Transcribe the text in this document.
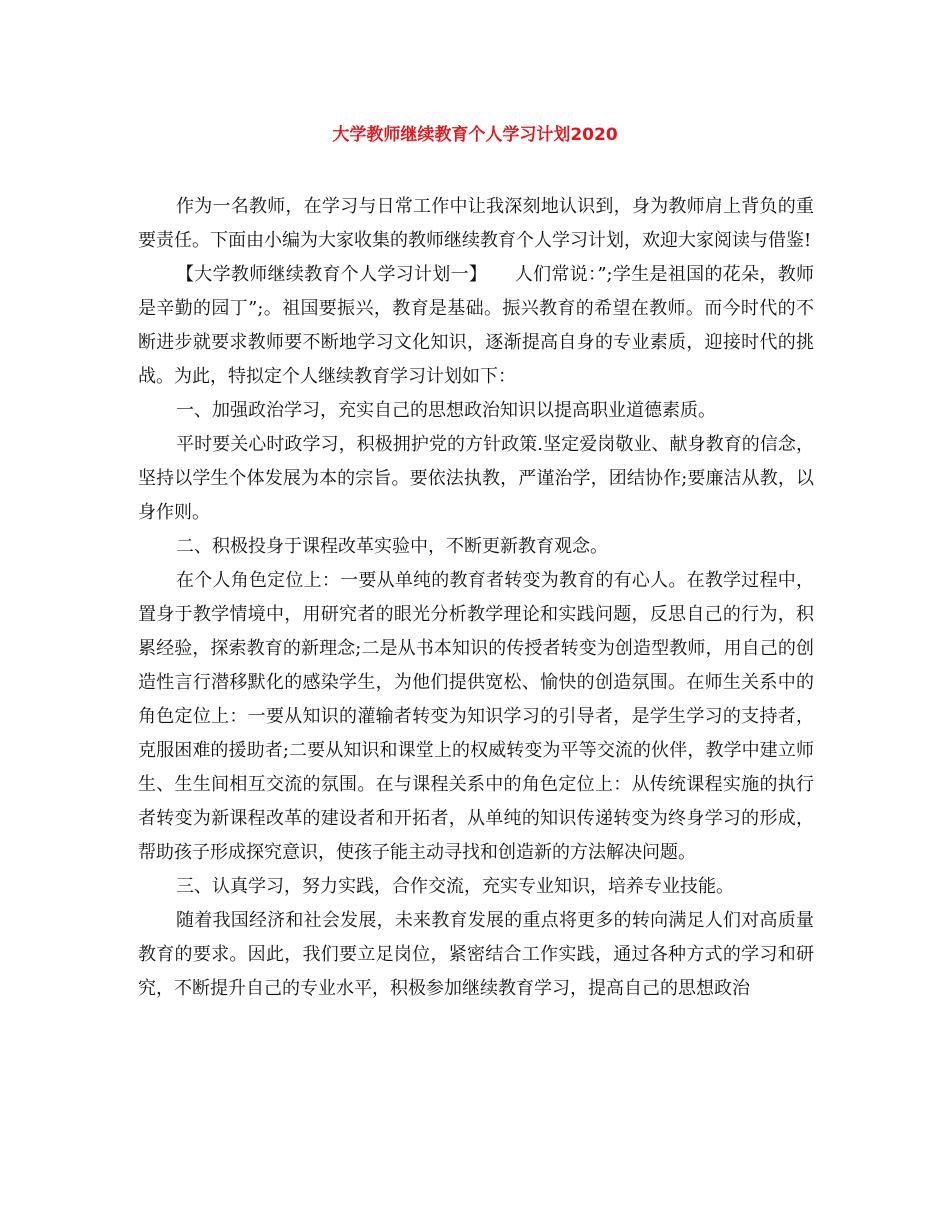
大学教师继续教育个人学习计划2020

作为一名教师，在学习与日常工作中让我深刻地认识到，身为教师肩上背负的重要责任。下面由小编为大家收集的教师继续教育个人学习计划，欢迎大家阅读与借鉴!

【大学教师继续教育个人学习计划一】　　人们常说：”;学生是祖国的花朵，教师是辛勤的园丁”;。祖国要振兴，教育是基础。振兴教育的希望在教师。而今时代的不断进步就要求教师要不断地学习文化知识，逐渐提高自身的专业素质，迎接时代的挑战。为此，特拟定个人继续教育学习计划如下：

一、加强政治学习，充实自己的思想政治知识以提高职业道德素质。

平时要关心时政学习，积极拥护党的方针政策.坚定爱岗敬业、献身教育的信念，坚持以学生个体发展为本的宗旨。要依法执教，严谨治学，团结协作;要廉洁从教，以身作则。

二、积极投身于课程改革实验中，不断更新教育观念。

在个人角色定位上：一要从单纯的教育者转变为教育的有心人。在教学过程中，置身于教学情境中，用研究者的眼光分析教学理论和实践问题，反思自己的行为，积累经验，探索教育的新理念;二是从书本知识的传授者转变为创造型教师，用自己的创造性言行潜移默化的感染学生，为他们提供宽松、愉快的创造氛围。在师生关系中的角色定位上：一要从知识的灌输者转变为知识学习的引导者，是学生学习的支持者，克服困难的援助者;二要从知识和课堂上的权威转变为平等交流的伙伴，教学中建立师生、生生间相互交流的氛围。在与课程关系中的角色定位上：从传统课程实施的执行者转变为新课程改革的建设者和开拓者，从单纯的知识传递转变为终身学习的形成，帮助孩子形成探究意识，使孩子能主动寻找和创造新的方法解决问题。

三、认真学习，努力实践，合作交流，充实专业知识，培养专业技能。

随着我国经济和社会发展，未来教育发展的重点将更多的转向满足人们对高质量教育的要求。因此，我们要立足岗位，紧密结合工作实践，通过各种方式的学习和研究，不断提升自己的专业水平，积极参加继续教育学习，提高自己的思想政治
